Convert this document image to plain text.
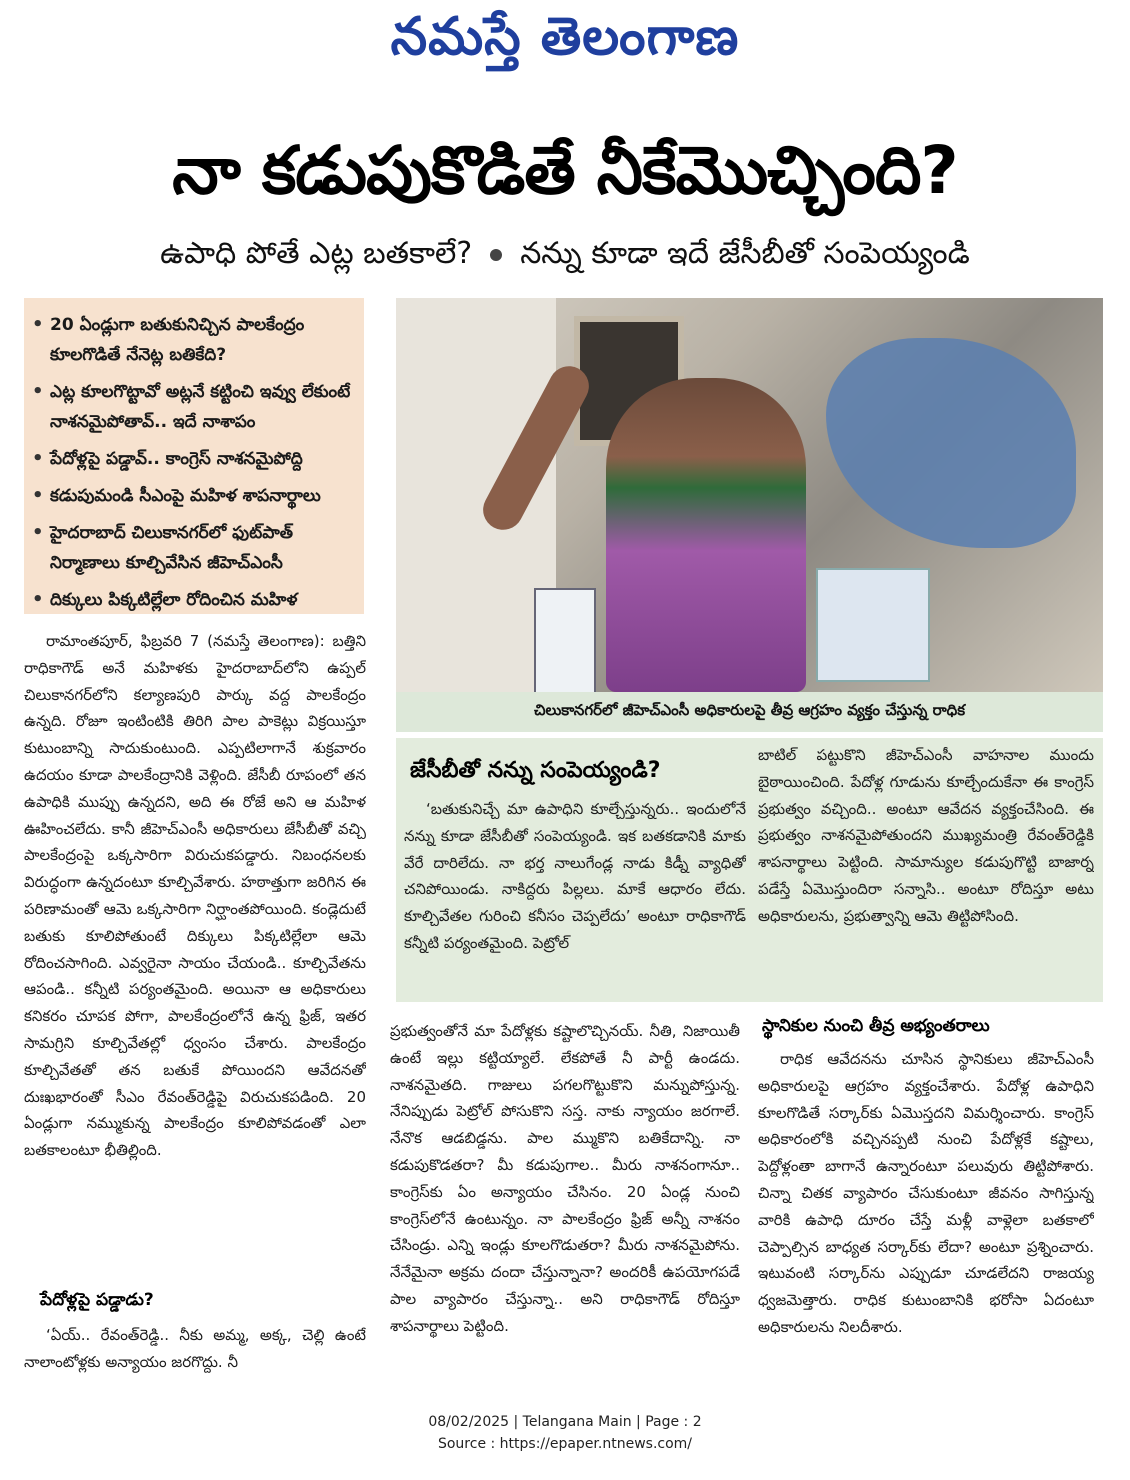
నమస్తే తెలంగాణ
నా కడుపుకొడితే నీకేమొచ్చింది?
ఉపాధి పోతే ఎట్ల బతకాలే? నన్ను కూడా ఇదే జేసీబీతో సంపెయ్యండి
• 20 ఏండ్లుగా బతుకునిచ్చిన పాలకేంద్రం కూలగొడితే నేనెట్ల బతికేది?
• ఎట్ల కూలగొట్టావో అట్లనే కట్టించి ఇవ్వు లేకుంటే నాశనమైపోతావ్.. ఇదే నాశాపం
• పేదోళ్లపై పడ్డావ్.. కాంగ్రెస్ నాశనమైపోద్ది
• కడుపుమండి సీఎంపై మహిళ శాపనార్థాలు
• హైదరాబాద్ చిలుకానగర్‌లో ఫుట్‌పాత్ నిర్మాణాలు కూల్చివేసిన జీహెచ్‌ఎంసీ
• దిక్కులు పిక్కటిల్లేలా రోదించిన మహిళ
చిలుకానగర్‌లో జీహెచ్‌ఎంసీ అధికారులపై తీవ్ర ఆగ్రహం వ్యక్తం చేస్తున్న రాధిక

రామాంతపూర్, ఫిబ్రవరి 7 (నమస్తే తెలంగాణ): బత్తిని రాధికాగౌడ్ అనే మహిళకు హైదరాబాద్‌లోని ఉప్పల్ చిలుకానగర్‌లోని కల్యాణపురి పార్కు వద్ద పాలకేంద్రం ఉన్నది. రోజూ ఇంటింటికి తిరిగి పాల పాకెట్లు విక్రయిస్తూ కుటుంబాన్ని సాదుకుంటుంది. ఎప్పటిలాగానే శుక్రవారం ఉదయం కూడా పాలకేంద్రానికి వెళ్లింది. జేసీబీ రూపంలో తన ఉపాధికి ముప్పు ఉన్నదని, అది ఈ రోజే అని ఆ మహిళ ఊహించలేదు. కానీ జీహెచ్‌ఎంసీ అధికారులు జేసీబీతో వచ్చి పాలకేంద్రంపై ఒక్కసారిగా విరుచుకపడ్డారు. నిబంధనలకు విరుద్ధంగా ఉన్నదంటూ కూల్చివేశారు. హఠాత్తుగా జరిగిన ఈ పరిణామంతో ఆమె ఒక్కసారిగా నిర్ఘాంతపోయింది. కండ్లెదుటే బతుకు కూలిపోతుంటే దిక్కులు పిక్కటిల్లేలా ఆమె రోదించసాగింది. ఎవ్వరైనా సాయం చేయండి.. కూల్చివేతను ఆపండి.. కన్నీటి పర్యంతమైంది. అయినా ఆ అధికారులు కనికరం చూపక పోగా, పాలకేంద్రంలోనే ఉన్న ఫ్రిజ్, ఇతర సామగ్రిని కూల్చివేతల్లో ధ్వంసం చేశారు. పాలకేంద్రం కూల్చివేతతో తన బతుకే పోయిందని ఆవేదనతో దుఃఖభారంతో సీఎం రేవంత్‌రెడ్డిపై విరుచుకపడింది. 20 ఏండ్లుగా నమ్ముకున్న పాలకేంద్రం కూలిపోవడంతో ఎలా బతకాలంటూ భీతిల్లింది.

పేదోళ్లపై పడ్డాడు?

‘ఏయ్.. రేవంత్‌రెడ్డి.. నీకు అమ్మ, అక్క, చెల్లి ఉంటే నాలాంటోళ్లకు అన్యాయం జరగొద్దు. నీ

జేసీబీతో నన్ను సంపెయ్యండి?

‘బతుకునిచ్చే మా ఉపాధిని కూల్చేస్తున్నరు.. ఇందులోనే నన్ను కూడా జేసీబీతో సంపెయ్యండి. ఇక బతకడానికి మాకు వేరే దారిలేదు. నా భర్త నాలుగేండ్ల నాడు కిడ్నీ వ్యాధితో చనిపోయిండు. నాకిద్దరు పిల్లలు. మాకే ఆధారం లేదు. కూల్చివేతల గురించి కనీసం చెప్పలేదు’ అంటూ రాధికాగౌడ్ కన్నీటి పర్యంతమైంది. పెట్రోల్

బాటిల్ పట్టుకొని జీహెచ్‌ఎంసీ వాహనాల ముందు బైఠాయించింది. పేదోళ్ల గూడును కూల్చేందుకేనా ఈ కాంగ్రెస్ ప్రభుత్వం వచ్చింది.. అంటూ ఆవేదన వ్యక్తంచేసింది. ఈ ప్రభుత్వం నాశనమైపోతుందని ముఖ్యమంత్రి రేవంత్‌రెడ్డికి శాపనార్థాలు పెట్టింది. సామాన్యుల కడుపుగొట్టి బాజార్న పడేస్తే ఏమొస్తుందిరా సన్నాసి.. అంటూ రోదిస్తూ అటు అధికారులను, ప్రభుత్వాన్ని ఆమె తిట్టిపోసింది.

ప్రభుత్వంతోనే మా పేదోళ్లకు కష్టాలొచ్చినయ్. నీతి, నిజాయితీ ఉంటే ఇల్లు కట్టియ్యాలే. లేకపోతే నీ పార్టీ ఉండదు. నాశనమైతది. గాజులు పగలగొట్టుకొని మన్నుపోస్తున్న. నేనిప్పుడు పెట్రోల్ పోసుకొని సస్త. నాకు న్యాయం జరగాలే. నేనొక ఆడబిడ్డను. పాల మ్ముకొని బతికేదాన్ని. నా కడుపుకొడతరా? మీ కడుపుగాల.. మీరు నాశనంగానూ.. కాంగ్రెస్‌కు ఏం అన్యాయం చేసినం. 20 ఏండ్ల నుంచి కాంగ్రెస్‌లోనే ఉంటున్నం. నా పాలకేంద్రం ఫ్రిజ్ అన్నీ నాశనం చేసిండ్రు. ఎన్ని ఇండ్లు కూలగొడుతరా? మీరు నాశనమైపోను. నేనేమైనా అక్రమ దందా చేస్తున్నానా? అందరికీ ఉపయోగపడే పాల వ్యాపారం చేస్తున్నా.. అని రాధికాగౌడ్ రోదిస్తూ శాపనార్థాలు పెట్టింది.

స్థానికుల నుంచి తీవ్ర అభ్యంతరాలు

రాధిక ఆవేదనను చూసిన స్థానికులు జీహెచ్‌ఎంసీ అధికారులపై ఆగ్రహం వ్యక్తంచేశారు. పేదోళ్ల ఉపాధిని కూలగొడితే సర్కార్‌కు ఏమొస్తదని విమర్శించారు. కాంగ్రెస్ అధికారంలోకి వచ్చినప్పటి నుంచి పేదోళ్లకే కష్టాలు, పెద్దోళ్లంతా బాగానే ఉన్నారంటూ పలువురు తిట్టిపోశారు. చిన్నా చితక వ్యాపారం చేసుకుంటూ జీవనం సాగిస్తున్న వారికి ఉపాధి దూరం చేస్తే మళ్లీ వాళ్లెలా బతకాలో చెప్పాల్సిన బాధ్యత సర్కార్‌కు లేదా? అంటూ ప్రశ్నించారు. ఇటువంటి సర్కార్‌ను ఎప్పుడూ చూడలేదని రాజయ్య ధ్వజమెత్తారు. రాధిక కుటుంబానికి భరోసా ఏదంటూ అధికారులను నిలదీశారు.

08/02/2025 | Telangana Main | Page : 2
Source : https://epaper.ntnews.com/
